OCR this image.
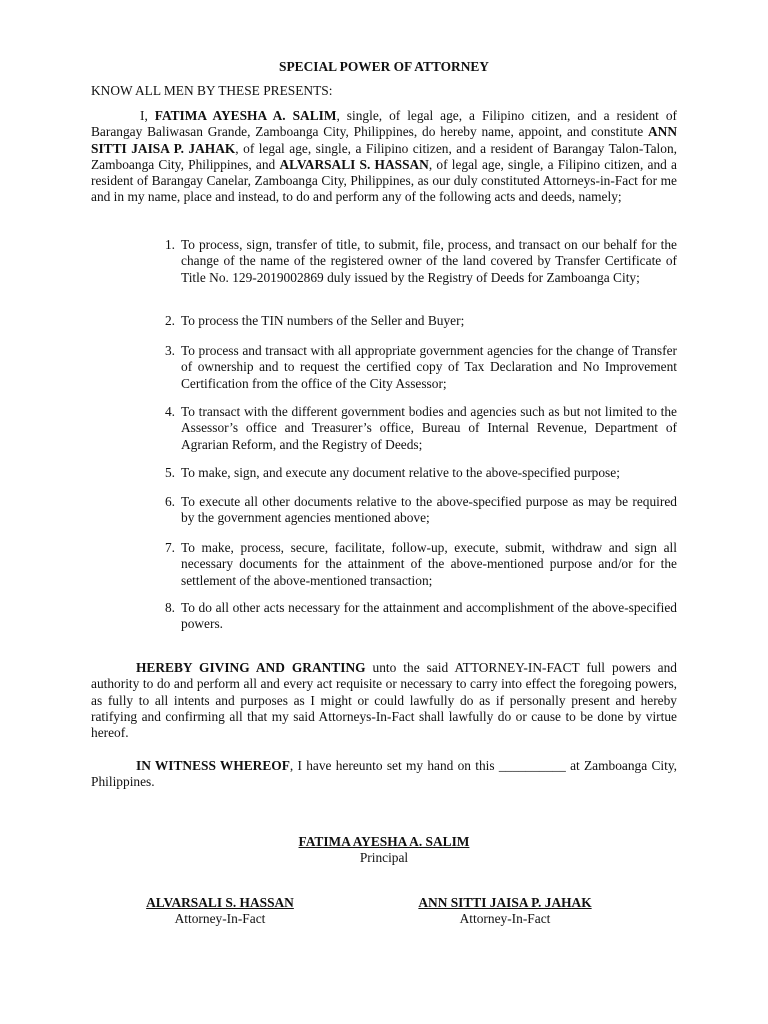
SPECIAL POWER OF ATTORNEY
KNOW ALL MEN BY THESE PRESENTS:
I, FATIMA AYESHA A. SALIM, single, of legal age, a Filipino citizen, and a resident of Barangay Baliwasan Grande, Zamboanga City, Philippines, do hereby name, appoint, and constitute ANN SITTI JAISA P. JAHAK, of legal age, single, a Filipino citizen, and a resident of Barangay Talon-Talon, Zamboanga City, Philippines, and ALVARSALI S. HASSAN, of legal age, single, a Filipino citizen, and a resident of Barangay Canelar, Zamboanga City, Philippines, as our duly constituted Attorneys-in-Fact for me and in my name, place and instead, to do and perform any of the following acts and deeds, namely;
1. To process, sign, transfer of title, to submit, file, process, and transact on our behalf for the change of the name of the registered owner of the land covered by Transfer Certificate of Title No. 129-2019002869 duly issued by the Registry of Deeds for Zamboanga City;
2. To process the TIN numbers of the Seller and Buyer;
3. To process and transact with all appropriate government agencies for the change of Transfer of ownership and to request the certified copy of Tax Declaration and No Improvement Certification from the office of the City Assessor;
4. To transact with the different government bodies and agencies such as but not limited to the Assessor’s office and Treasurer’s office, Bureau of Internal Revenue, Department of Agrarian Reform, and the Registry of Deeds;
5. To make, sign, and execute any document relative to the above-specified purpose;
6. To execute all other documents relative to the above-specified purpose as may be required by the government agencies mentioned above;
7. To make, process, secure, facilitate, follow-up, execute, submit, withdraw and sign all necessary documents for the attainment of the above-mentioned purpose and/or for the settlement of the above-mentioned transaction;
8. To do all other acts necessary for the attainment and accomplishment of the above-specified powers.
HEREBY GIVING AND GRANTING unto the said ATTORNEY-IN-FACT full powers and authority to do and perform all and every act requisite or necessary to carry into effect the foregoing powers, as fully to all intents and purposes as I might or could lawfully do as if personally present and hereby ratifying and confirming all that my said Attorneys-In-Fact shall lawfully do or cause to be done by virtue hereof.
IN WITNESS WHEREOF, I have hereunto set my hand on this __________ at Zamboanga City, Philippines.
FATIMA AYESHA A. SALIM
Principal
ALVARSALI S. HASSAN
Attorney-In-Fact
ANN SITTI JAISA P. JAHAK
Attorney-In-Fact
